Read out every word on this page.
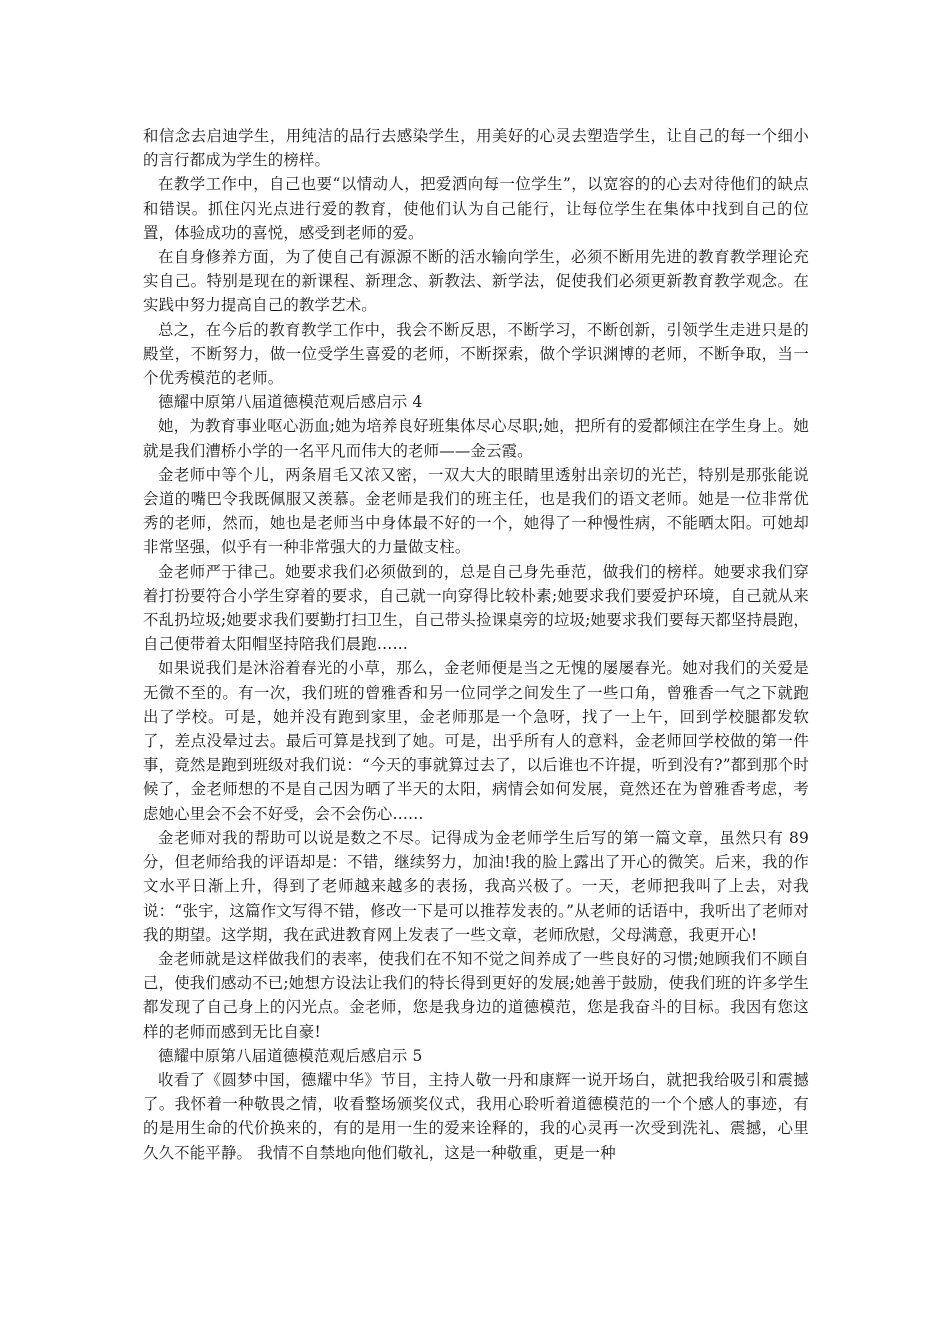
和信念去启迪学生，用纯洁的品行去感染学生，用美好的心灵去塑造学生，让自己的每一个细小的言行都成为学生的榜样。

在教学工作中，自己也要“以情动人，把爱洒向每一位学生”，以宽容的的心去对待他们的缺点和错误。抓住闪光点进行爱的教育，使他们认为自己能行，让每位学生在集体中找到自己的位置，体验成功的喜悦，感受到老师的爱。

在自身修养方面，为了使自己有源源不断的活水输向学生，必须不断用先进的教育教学理论充实自己。特别是现在的新课程、新理念、新教法、新学法，促使我们必须更新教育教学观念。在实践中努力提高自己的教学艺术。

总之，在今后的教育教学工作中，我会不断反思，不断学习，不断创新，引领学生走进只是的殿堂，不断努力，做一位受学生喜爱的老师，不断探索，做个学识渊博的老师，不断争取，当一个优秀模范的老师。

德耀中原第八届道德模范观后感启示 4

她，为教育事业呕心沥血;她为培养良好班集体尽心尽职;她，把所有的爱都倾注在学生身上。她就是我们漕桥小学的一名平凡而伟大的老师——金云霞。

金老师中等个儿，两条眉毛又浓又密，一双大大的眼睛里透射出亲切的光芒，特别是那张能说会道的嘴巴令我既佩服又羡慕。金老师是我们的班主任，也是我们的语文老师。她是一位非常优秀的老师，然而，她也是老师当中身体最不好的一个，她得了一种慢性病，不能晒太阳。可她却非常坚强，似乎有一种非常强大的力量做支柱。

金老师严于律己。她要求我们必须做到的，总是自己身先垂范，做我们的榜样。她要求我们穿着打扮要符合小学生穿着的要求，自己就一向穿得比较朴素;她要求我们要爱护环境，自己就从来不乱扔垃圾;她要求我们要勤打扫卫生，自己带头捡课桌旁的垃圾;她要求我们要每天都坚持晨跑，自己便带着太阳帽坚持陪我们晨跑……

如果说我们是沐浴着春光的小草，那么，金老师便是当之无愧的屡屡春光。她对我们的关爱是无微不至的。有一次，我们班的曾雅香和另一位同学之间发生了一些口角，曾雅香一气之下就跑出了学校。可是，她并没有跑到家里，金老师那是一个急呀，找了一上午，回到学校腿都发软了，差点没晕过去。最后可算是找到了她。可是，出乎所有人的意料，金老师回学校做的第一件事，竟然是跑到班级对我们说：“今天的事就算过去了，以后谁也不许提，听到没有?”都到那个时候了，金老师想的不是自己因为晒了半天的太阳，病情会如何发展，竟然还在为曾雅香考虑，考虑她心里会不会不好受，会不会伤心……

金老师对我的帮助可以说是数之不尽。记得成为金老师学生后写的第一篇文章，虽然只有 89 分，但老师给我的评语却是：不错，继续努力，加油!我的脸上露出了开心的微笑。后来，我的作文水平日渐上升，得到了老师越来越多的表扬，我高兴极了。一天，老师把我叫了上去，对我说：“张宇，这篇作文写得不错，修改一下是可以推荐发表的。”从老师的话语中，我听出了老师对我的期望。这学期，我在武进教育网上发表了一些文章，老师欣慰，父母满意，我更开心!

金老师就是这样做我们的表率，使我们在不知不觉之间养成了一些良好的习惯;她顾我们不顾自己，使我们感动不已;她想方设法让我们的特长得到更好的发展;她善于鼓励，使我们班的许多学生都发现了自己身上的闪光点。金老师，您是我身边的道德模范，您是我奋斗的目标。我因有您这样的老师而感到无比自豪!

德耀中原第八届道德模范观后感启示 5

收看了《圆梦中国，德耀中华》节目，主持人敬一丹和康辉一说开场白，就把我给吸引和震撼了。我怀着一种敬畏之情，收看整场颁奖仪式，我用心聆听着道德模范的一个个感人的事迹，有的是用生命的代价换来的，有的是用一生的爱来诠释的，我的心灵再一次受到洗礼、震撼，心里久久不能平静。 我情不自禁地向他们敬礼，这是一种敬重，更是一种
